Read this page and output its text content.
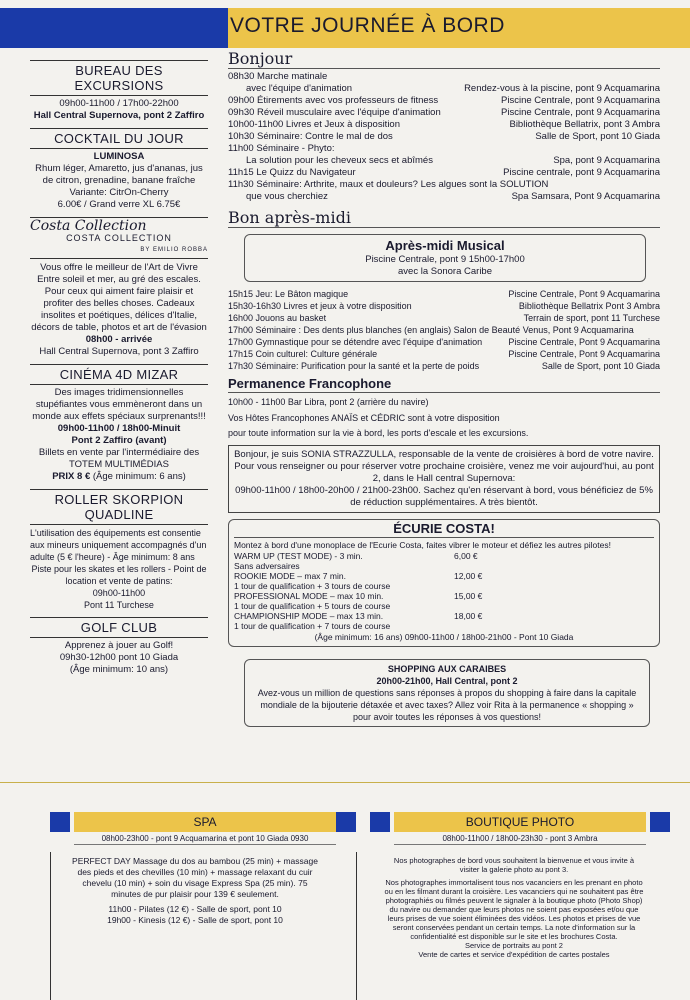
VOTRE JOURNÉE À BORD
BUREAU DES EXCURSIONS
09h00-11h00 / 17h00-22h00
Hall Central Supernova, pont 2 Zaffiro
COCKTAIL DU JOUR
LUMINOSA
Rhum léger, Amaretto, jus d'ananas, jus de citron, grenadine, banane fraîche
Variante: CitrOn-Cherry
6.00€ / Grand verre XL 6.75€
Costa Collection
COSTA COLLECTION
BY EMILIO ROBBA
Vous offre le meilleur de l'Art de Vivre Entre soleil et mer, au gré des escales. Pour ceux qui aiment faire plaisir et profiter des belles choses. Cadeaux insolites et poétiques, délices d'Italie, décors de table, photos et art de l'évasion
08h00 - arrivée
Hall Central Supernova, pont 3 Zaffiro
CINÉMA 4D MIZAR
Des images tridimensionnelles stupéfiantes vous emmèneront dans un monde aux effets spéciaux surprenants!!!
09h00-11h00 / 18h00-Minuit
Pont 2 Zaffiro (avant)
Billets en vente par l'intermédiaire des TOTEM MULTIMÉDIAS
PRIX 8 € (Âge minimum: 6 ans)
ROLLER SKORPION QUADLINE
L'utilisation des équipements est consentie aux mineurs uniquement accompagnés d'un adulte (5 € l'heure) - Âge minimum: 8 ans
Piste pour les skates et les rollers - Point de location et vente de patins:
09h00-11h00
Pont 11 Turchese
GOLF CLUB
Apprenez à jouer au Golf!
09h30-12h00 pont 10 Giada
(Âge minimum: 10 ans)
Bonjour
08h30 Marche matinale
avec l'équipe d'animation	Rendez-vous à la piscine, pont 9 Acquamarina
09h00 Étirements avec vos professeurs de fitness	Piscine Centrale, pont 9 Acquamarina
09h30 Réveil musculaire avec l'équipe d'animation	Piscine Centrale, pont 9 Acquamarina
10h00-11h00 Livres et Jeux à disposition	Bibliothèque Bellatrix, pont 3 Ambra
10h30 Séminaire: Contre le mal de dos	Salle de Sport, pont 10 Giada
11h00 Séminaire - Phyto:
La solution pour les cheveux secs et abîmés	Spa, pont 9 Acquamarina
11h15 Le Quizz du Navigateur	Piscine centrale, pont 9 Acquamarina
11h30 Séminaire: Arthrite, maux et douleurs? Les algues sont la SOLUTION
que vous cherchiez	Spa Samsara, Pont 9 Acquamarina
Bon après-midi
Après-midi Musical
Piscine Centrale, pont 9 15h00-17h00
avec la Sonora Caribe
15h15 Jeu: Le Bâton magique	Piscine Centrale, Pont 9 Acquamarina
15h30-16h30 Livres et jeux à votre disposition	Bibliothèque Bellatrix Pont 3 Ambra
16h00 Jouons au basket	Terrain de sport, pont 11 Turchese
17h00 Séminaire : Des dents plus blanches (en anglais) Salon de Beauté Venus, Pont 9 Acquamarina
17h00 Gymnastique pour se détendre avec l'équipe d'animation	Piscine Centrale, Pont 9 Acquamarina
17h15 Coin culturel: Culture générale	Piscine Centrale, Pont 9 Acquamarina
17h30 Séminaire: Purification pour la santé et la perte de poids	Salle de Sport, pont 10 Giada
Permanence Francophone
10h00 - 11h00 Bar Libra, pont 2 (arrière du navire)
Vos Hôtes Francophones ANAÏS et CÉDRIC sont à votre disposition
pour toute information sur la vie à bord, les ports d'escale et les excursions.
Bonjour, je suis SONIA STRAZZULLA, responsable de la vente de croisières à bord de votre navire. Pour vous renseigner ou pour réserver votre prochaine croisière, venez me voir aujourd'hui, au pont 2, dans le Hall central Supernova:
09h00-11h00 / 18h00-20h00 / 21h00-23h00. Sachez qu'en réservant à bord, vous bénéficiez de 5% de réduction supplémentaires. A très bientôt.
ÉCURIE COSTA!
Montez à bord d'une monoplace de l'Ecurie Costa, faites vibrer le moteur et défiez les autres pilotes!
WARM UP (TEST MODE) - 3 min.
Sans adversaires
6,00 €
ROOKIE MODE – max 7 min.
1 tour de qualification + 3 tours de course
12,00 €
PROFESSIONAL MODE – max 10 min.
1 tour de qualification + 5 tours de course
15,00 €
CHAMPIONSHIP MODE – max 13 min.
1 tour de qualification + 7 tours de course
18,00 €
(Âge minimum: 16 ans) 09h00-11h00 / 18h00-21h00 - Pont 10 Giada
SHOPPING AUX CARAIBES
20h00-21h00, Hall Central, pont 2
Avez-vous un million de questions sans réponses à propos du shopping à faire dans la capitale mondiale de la bijouterie détaxée et avec taxes? Allez voir Rita à la permanence « shopping » pour avoir toutes les réponses à vos questions!
SPA
08h00-23h00 - pont 9 Acquamarina et pont 10 Giada 0930
PERFECT DAY Massage du dos au bambou (25 min) + massage des pieds et des chevilles (10 min) + massage relaxant du cuir chevelu (10 min) + soin du visage Express Spa (25 min). 75 minutes de pur plaisir pour 139 € seulement.
11h00 - Pilates (12 €) - Salle de sport, pont 10
19h00 - Kinesis (12 €) - Salle de sport, pont 10
BOUTIQUE PHOTO
08h00-11h00 / 18h00-23h30 - pont 3 Ambra
Nos photographes de bord vous souhaitent la bienvenue et vous invite à visiter la galerie photo au pont 3.
Nos photographes immortalisent tous nos vacanciers en les prenant en photo ou en les filmant durant la croisière. Les vacanciers qui ne souhaitent pas être photographiés ou filmés peuvent le signaler à la boutique photo (Photo Shop) du navire ou demander que leurs photos ne soient pas exposées et/ou que leurs prises de vue soient éliminées des vidéos. Les photos et prises de vue seront conservées pendant un certain temps. La note d'information sur la confidentialité est disponible sur le site et les brochures Costa.
Service de portraits au pont 2
Vente de cartes et service d'expédition de cartes postales
